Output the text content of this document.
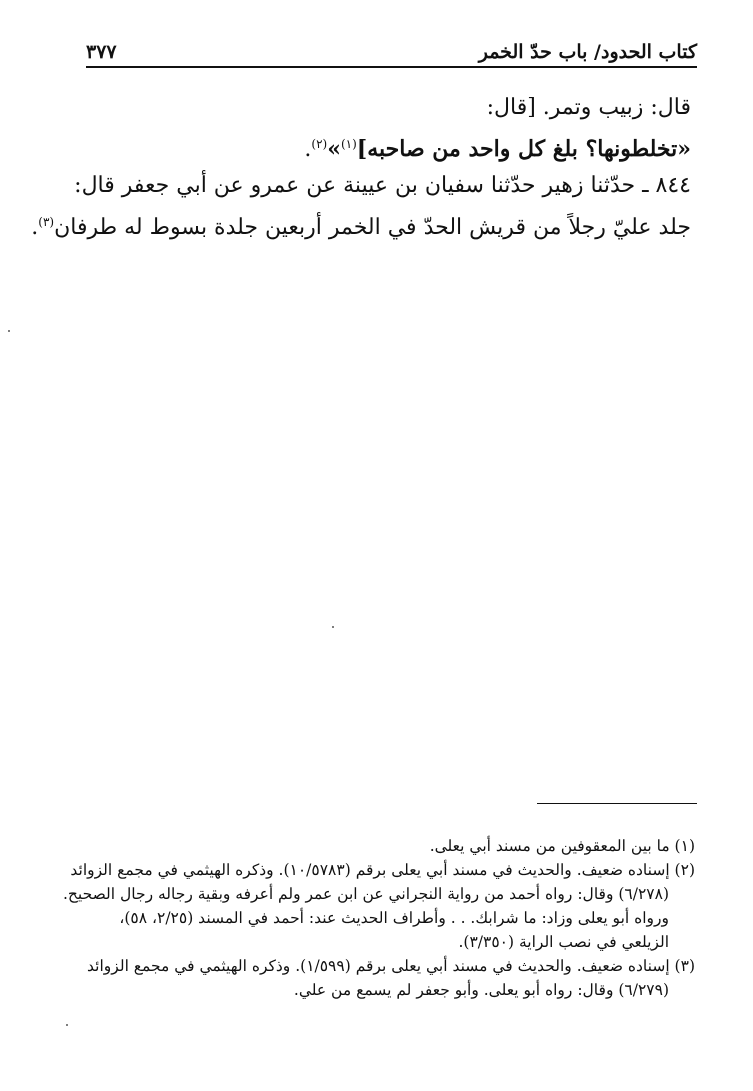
٣٧٧	كتاب الحدود/ باب حدّ الخمر

قال: زبيب وتمر. [قال:

«تخلطونها؟ بلغ كل واحد من صاحبه]$^{(١)}$»$^{(٢)}$.

٨٤٤ ـ حدّثنا زهير حدّثنا سفيان بن عيينة عن عمرو عن أبي جعفر قال:

جلد عليّ رجلاً من قريش الحدّ في الخمر أربعين جلدة بسوط له طرفان$^{(٣)}$.

(١) ما بين المعقوفين من مسند أبي يعلى.

(٢) إسناده ضعيف. والحديث في مسند أبي يعلى برقم (١٠/٥٧٨٣). وذكره الهيثمي في مجمع الزوائد

(٦/٢٧٨) وقال: رواه أحمد من رواية النجراني عن ابن عمر ولم أعرفه وبقية رجاله رجال الصحيح.

ورواه أبو يعلى وزاد: ما شرابك. . . وأطراف الحديث عند: أحمد في المسند (٢/٢٥، ٥٨)،

الزيلعي في نصب الراية (٣/٣٥٠).

(٣) إسناده ضعيف. والحديث في مسند أبي يعلى برقم (١/٥٩٩). وذكره الهيثمي في مجمع الزوائد

(٦/٢٧٩) وقال: رواه أبو يعلى. وأبو جعفر لم يسمع من علي.
